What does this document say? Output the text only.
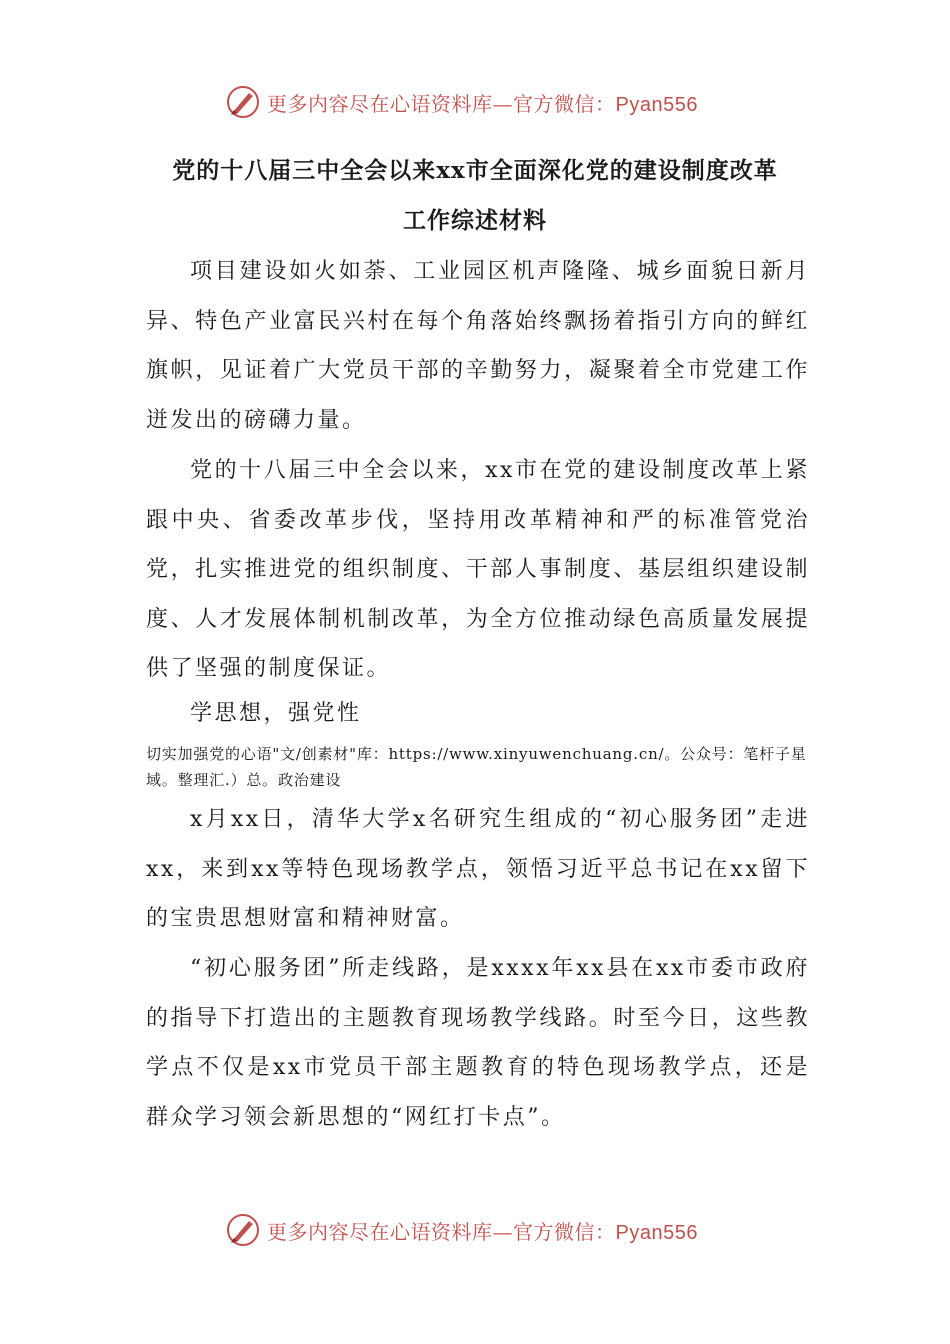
更多内容尽在心语资料库—官方微信：Pyan556
党的十八届三中全会以来xx市全面深化党的建设制度改革
工作综述材料

项目建设如火如荼、工业园区机声隆隆、城乡面貌日新月异、特色产业富民兴村在每个角落始终飘扬着指引方向的鲜红旗帜，见证着广大党员干部的辛勤努力，凝聚着全市党建工作迸发出的磅礴力量。

党的十八届三中全会以来，xx市在党的建设制度改革上紧跟中央、省委改革步伐，坚持用改革精神和严的标准管党治党，扎实推进党的组织制度、干部人事制度、基层组织建设制度、人才发展体制机制改革，为全方位推动绿色高质量发展提供了坚强的制度保证。

学思想，强党性

切实加强党的心语"文/创素材"库：https://www.xinyuwenchuang.cn/。公众号：笔杆子星域。整理汇.）总。政治建设

x月xx日，清华大学x名研究生组成的“初心服务团”走进xx，来到xx等特色现场教学点，领悟习近平总书记在xx留下的宝贵思想财富和精神财富。

“初心服务团”所走线路，是xxxx年xx县在xx市委市政府的指导下打造出的主题教育现场教学线路。时至今日，这些教学点不仅是xx市党员干部主题教育的特色现场教学点，还是群众学习领会新思想的“网红打卡点”。

更多内容尽在心语资料库—官方微信：Pyan556
